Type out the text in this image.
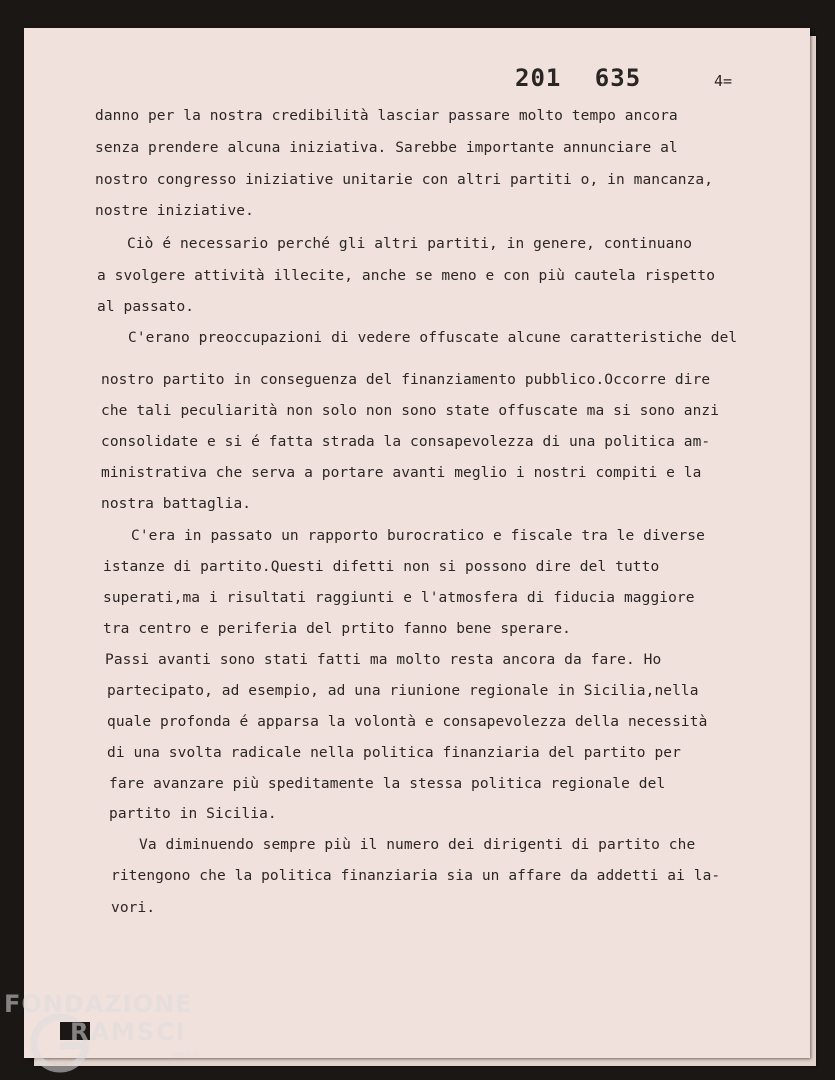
201 635	4=
danno per la nostra credibilità lasciar passare molto tempo ancora
senza prendere alcuna iniziativa. Sarebbe importante annunciare al
nostro congresso iniziative unitarie con altri partiti o, in mancanza,
nostre iniziative.
Ciò é necessario perché gli altri partiti, in genere, continuano
a svolgere attività illecite, anche se meno e con più cautela rispetto
al passato.
C'erano preoccupazioni di vedere offuscate alcune caratteristiche del
nostro partito in conseguenza del finanziamento pubblico.Occorre dire
che tali peculiarità non solo non sono state offuscate ma si sono anzi
consolidate e si é fatta strada la consapevolezza di una politica am-
ministrativa che serva a portare avanti meglio i nostri compiti e la
nostra battaglia.
C'era in passato un rapporto burocratico e fiscale tra le diverse
istanze di partito.Questi difetti non si possono dire del tutto
superati,ma i risultati raggiunti e l'atmosfera di fiducia maggiore
tra centro e periferia del prtito fanno bene sperare.
Passi avanti sono stati fatti ma molto resta ancora da fare. Ho
partecipato, ad esempio, ad una riunione regionale in Sicilia,nella
quale profonda é apparsa la volontà e consapevolezza della necessità
di una svolta radicale nella politica finanziaria del partito per
fare avanzare più speditamente la stessa politica regionale del
partito in Sicilia.
Va diminuendo sempre più il numero dei dirigenti di partito che
ritengono che la politica finanziaria sia un affare da addetti ai la-
vori.
FONDAZIONE
RAMSCI
onlus
